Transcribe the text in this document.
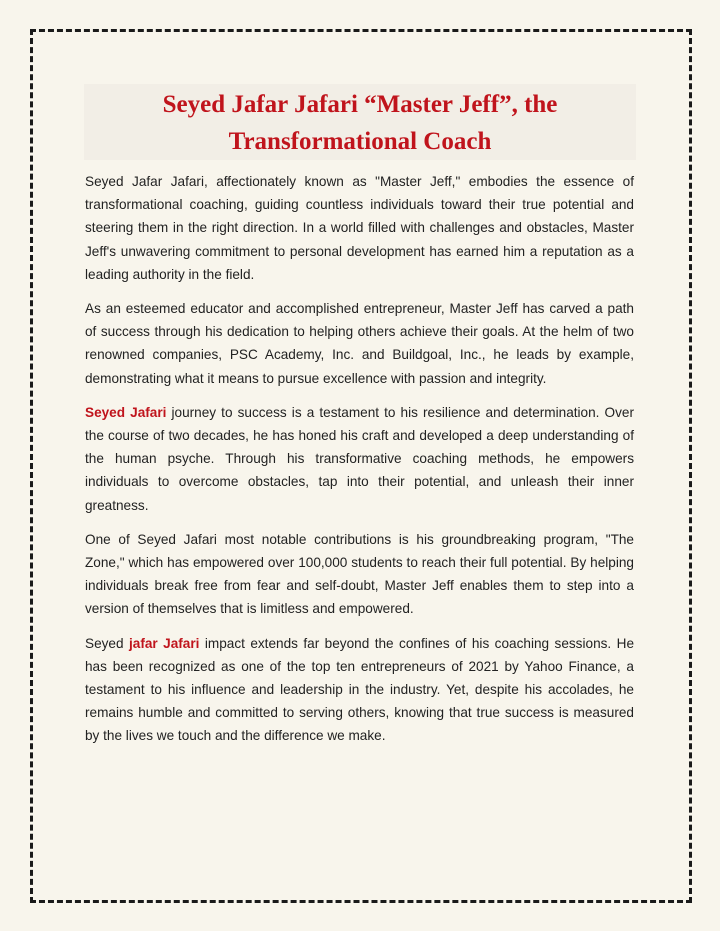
Seyed Jafar Jafari “Master Jeff”, the
Transformational Coach

Seyed Jafar Jafari, affectionately known as "Master Jeff," embodies the essence of transformational coaching, guiding countless individuals toward their true potential and steering them in the right direction. In a world filled with challenges and obstacles, Master Jeff's unwavering commitment to personal development has earned him a reputation as a leading authority in the field.

As an esteemed educator and accomplished entrepreneur, Master Jeff has carved a path of success through his dedication to helping others achieve their goals. At the helm of two renowned companies, PSC Academy, Inc. and Buildgoal, Inc., he leads by example, demonstrating what it means to pursue excellence with passion and integrity.

Seyed Jafari journey to success is a testament to his resilience and determination. Over the course of two decades, he has honed his craft and developed a deep understanding of the human psyche. Through his transformative coaching methods, he empowers individuals to overcome obstacles, tap into their potential, and unleash their inner greatness.

One of Seyed Jafari most notable contributions is his groundbreaking program, "The Zone," which has empowered over 100,000 students to reach their full potential. By helping individuals break free from fear and self-doubt, Master Jeff enables them to step into a version of themselves that is limitless and empowered.

Seyed jafar Jafari impact extends far beyond the confines of his coaching sessions. He has been recognized as one of the top ten entrepreneurs of 2021 by Yahoo Finance, a testament to his influence and leadership in the industry. Yet, despite his accolades, he remains humble and committed to serving others, knowing that true success is measured by the lives we touch and the difference we make.
